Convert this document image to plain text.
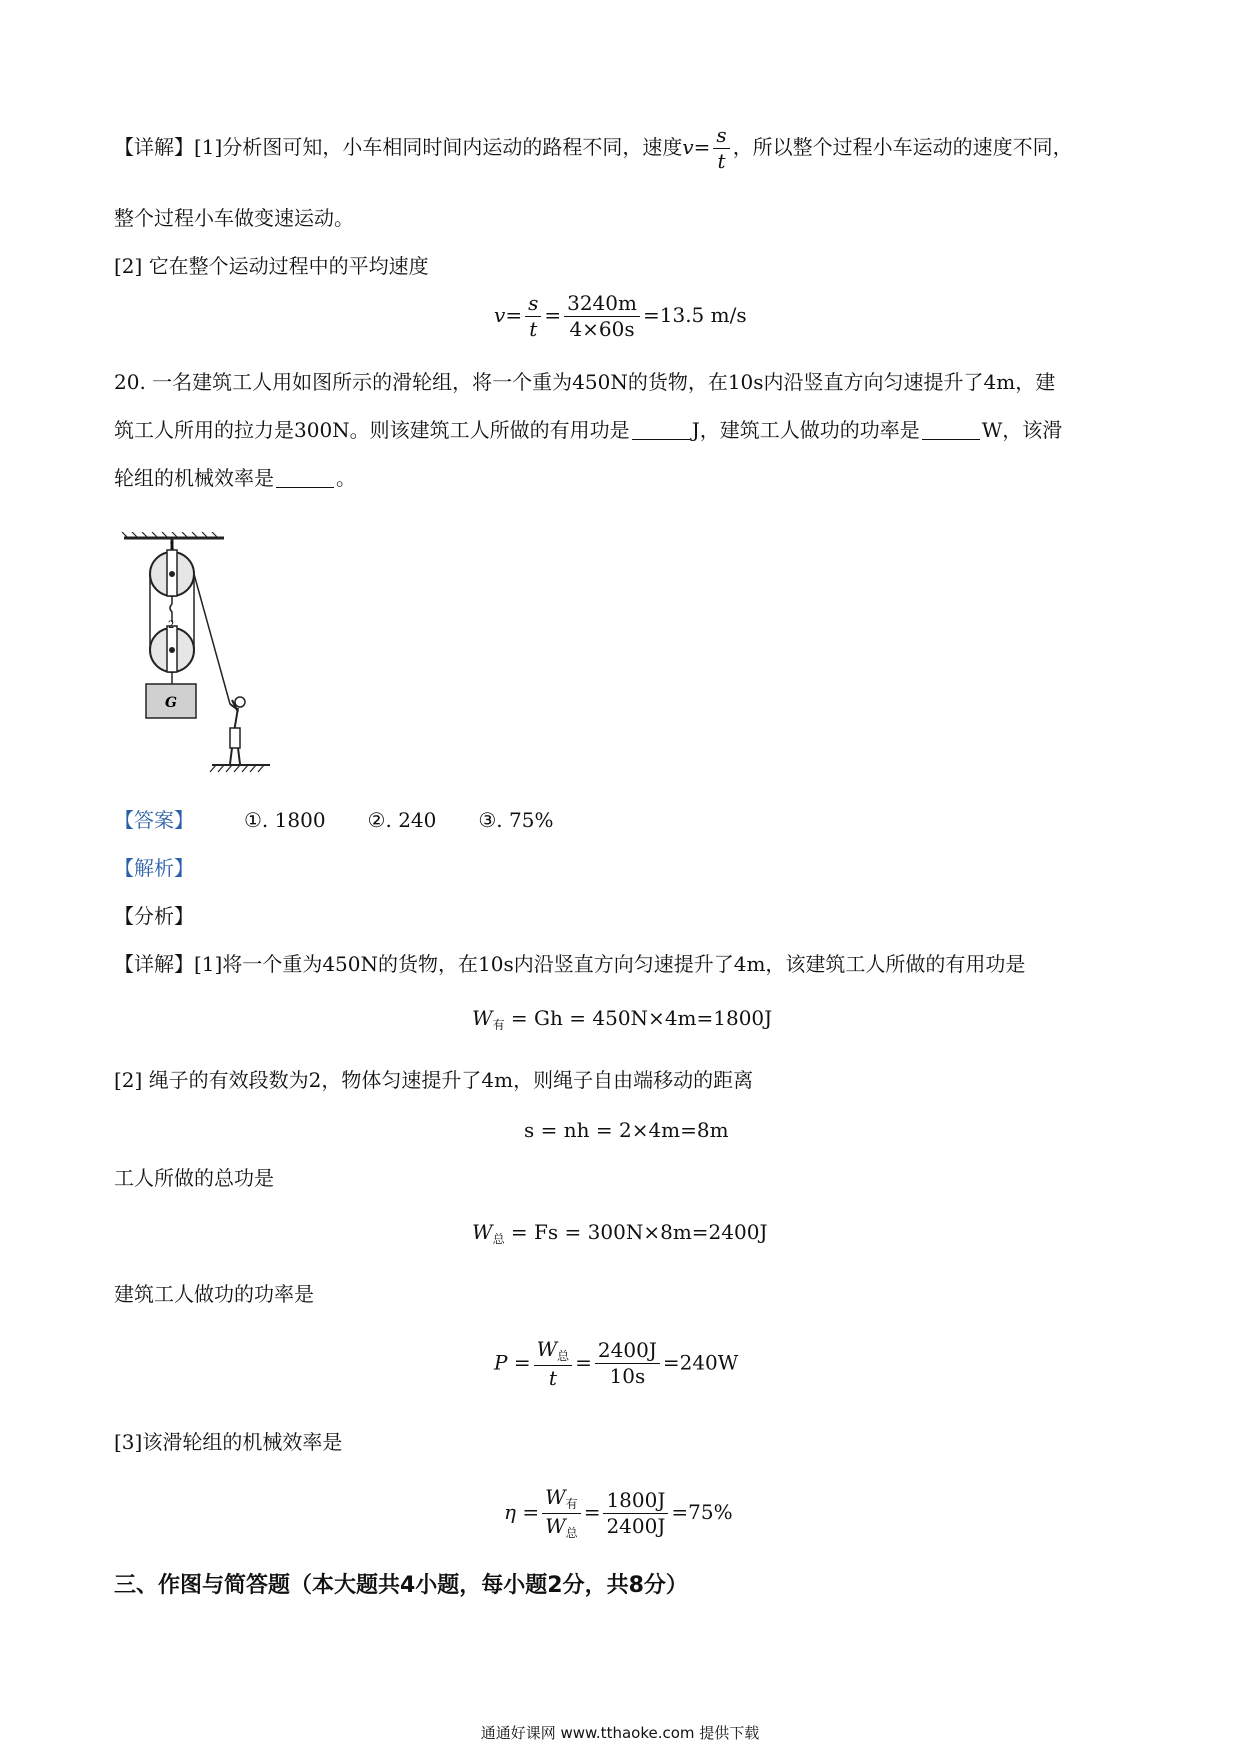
【详解】[1]分析图可知，小车相同时间内运动的路程不同，速度$v= \frac{s}{t}$ ，所以整个过程小车运动的速度不同，
整个过程小车做变速运动。
[2] 它在整个运动过程中的平均速度
$v= \frac{s}{t} = \frac{3240m}{4\times 60s} =13.5$ m/s
20. 一名建筑工人用如图所示的滑轮组，将一个重为450N的货物，在10s内沿竖直方向匀速提升了4m，建
筑工人所用的拉力是300N。则该建筑工人所做的有用功是	J，建筑工人做功的功率是	W，该滑
轮组的机械效率是	。
1
2
G
【答案】	①. 1800 ②. 240 ③. 75%
【解析】
【分析】
【详解】[1]将一个重为450N的货物，在10s内沿竖直方向匀速提升了4m，该建筑工人所做的有用功是
$W_有 = Gh = 450N\times 4m=1800J$
[2] 绳子的有效段数为2，物体匀速提升了4m，则绳子自由端移动的距离
s = nh = 2×4m=8m
工人所做的总功是
$W_总 = Fs = 300N\times 8m=2400J$
建筑工人做功的功率是
$P = \frac{W_总}{t} = \frac{2400J}{10s} =240W$
[3]该滑轮组的机械效率是
$\eta = \frac{W_有}{W_总} = \frac{1800J}{2400J} =75\%$
三、作图与简答题（本大题共4小题，每小题2分，共8分）
通通好课网 www.tthaoke.com 提供下载
